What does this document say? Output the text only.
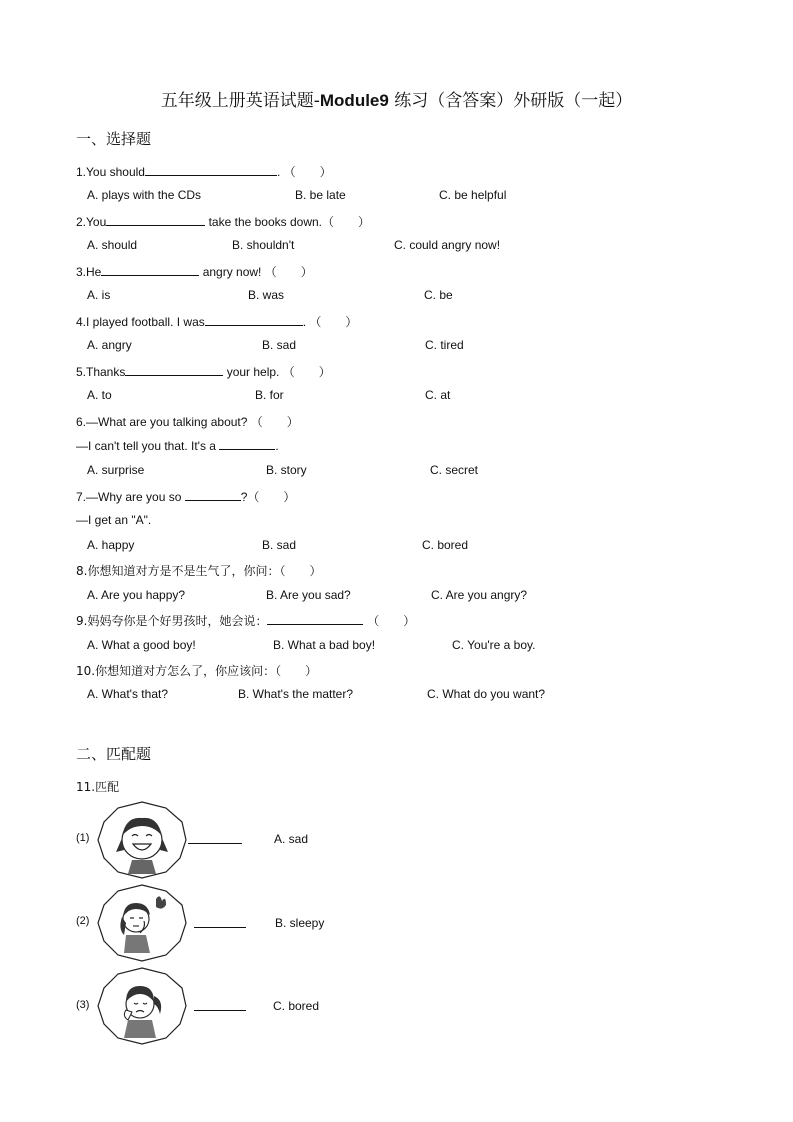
五年级上册英语试题-Module9 练习（含答案）外研版（一起）
一、选择题
1.You should	. （　　）
A. plays with the CDs	B. be late	C. be helpful
2.You	take the books down.（　　）
A. should	B. shouldn't	C. could angry now!
3.He	angry now! （　　）
A. is	B. was	C. be
4.I played football. I was	. （　　）
A. angry	B. sad	C. tired
5.Thanks	your help. （　　）
A. to	B. for	C. at
6.—What are you talking about? （　　）
—I can't tell you that. It's a	.
A. surprise	B. story	C. secret
7.—Why are you so	?（　　）
—I get an "A".
A. happy	B. sad	C. bored
8.你想知道对方是不是生气了，你问：（　　）
A. Are you happy?	B. Are you sad?	C. Are you angry?
9.妈妈夸你是个好男孩时，她会说：	（　　）
A. What a good boy!	B. What a bad boy!	C. You're a boy.
10.你想知道对方怎么了，你应该问：（　　）
A. What's that?	B. What's the matter?	C. What do you want?
二、匹配题
11.匹配
(1)	A. sad
(2)	B. sleepy
(3)	C. bored
